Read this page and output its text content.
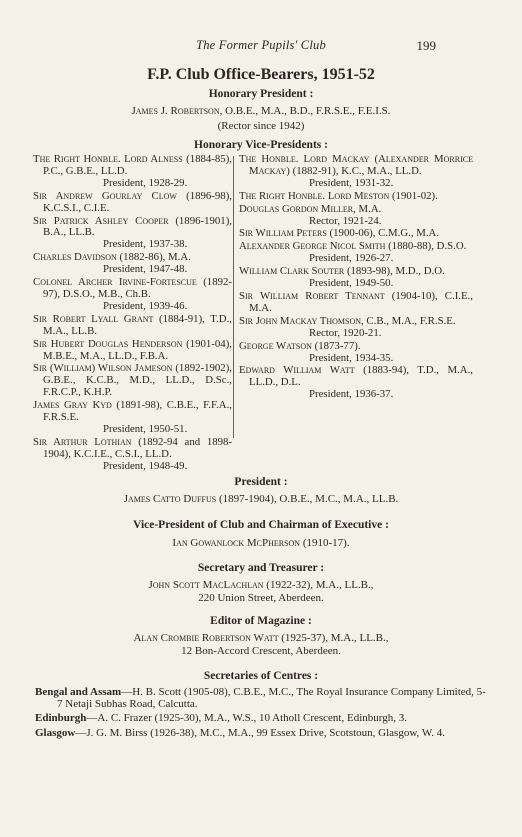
The Former Pupils' Club	199
F.P. Club Office-Bearers, 1951-52
Honorary President :
James J. Robertson, O.B.E., M.A., B.D., F.R.S.E., F.E.I.S.
(Rector since 1942)
Honorary Vice-Presidents :
The Right Honble. Lord Alness (1884-85), P.C., G.B.E., LL.D.
President, 1928-29.
Sir Andrew Gourlay Clow (1896-98), K.C.S.I., C.I.E.
Sir Patrick Ashley Cooper (1896-1901), B.A., LL.B.
President, 1937-38.
Charles Davidson (1882-86), M.A.
President, 1947-48.
Colonel Archer Irvine-Fortescue (1892-97), D.S.O., M.B., Ch.B.
President, 1939-46.
Sir Robert Lyall Grant (1884-91), T.D., M.A., LL.B.
Sir Hubert Douglas Henderson (1901-04), M.B.E., M.A., LL.D., F.B.A.
Sir (William) Wilson Jameson (1892-1902), G.B.E., K.C.B., M.D., LL.D., D.Sc., F.R.C.P., K.H.P.
James Gray Kyd (1891-98), C.B.E., F.F.A., F.R.S.E.
President, 1950-51.
Sir Arthur Lothian (1892-94 and 1898-1904), K.C.I.E., C.S.I., LL.D.
President, 1948-49.
The Honble. Lord Mackay (Alexander Morrice Mackay) (1882-91), K.C., M.A., LL.D.
President, 1931-32.
The Right Honble. Lord Meston (1901-02).
Douglas Gordon Miller, M.A.
Rector, 1921-24.
Sir William Peters (1900-06), C.M.G., M.A.
Alexander George Nicol Smith (1880-88), D.S.O.
President, 1926-27.
William Clark Souter (1893-98), M.D., D.O.
President, 1949-50.
Sir William Robert Tennant (1904-10), C.I.E., M.A.
Sir John Mackay Thomson, C.B., M.A., F.R.S.E.
Rector, 1920-21.
George Watson (1873-77).
President, 1934-35.
Edward William Watt (1883-94), T.D., M.A., LL.D., D.L.
President, 1936-37.
President :
James Catto Duffus (1897-1904), O.B.E., M.C., M.A., LL.B.
Vice-President of Club and Chairman of Executive :
Ian Gowanlock McPherson (1910-17).
Secretary and Treasurer :
John Scott MacLachlan (1922-32), M.A., LL.B.,
220 Union Street, Aberdeen.
Editor of Magazine :
Alan Crombie Robertson Watt (1925-37), M.A., LL.B.,
12 Bon-Accord Crescent, Aberdeen.
Secretaries of Centres :
Bengal and Assam—H. B. Scott (1905-08), C.B.E., M.C., The Royal Insurance Company Limited, 5-7 Netaji Subhas Road, Calcutta.
Edinburgh—A. C. Frazer (1925-30), M.A., W.S., 10 Atholl Crescent, Edinburgh, 3.
Glasgow—J. G. M. Birss (1926-38), M.C., M.A., 99 Essex Drive, Scotstoun, Glasgow, W. 4.
